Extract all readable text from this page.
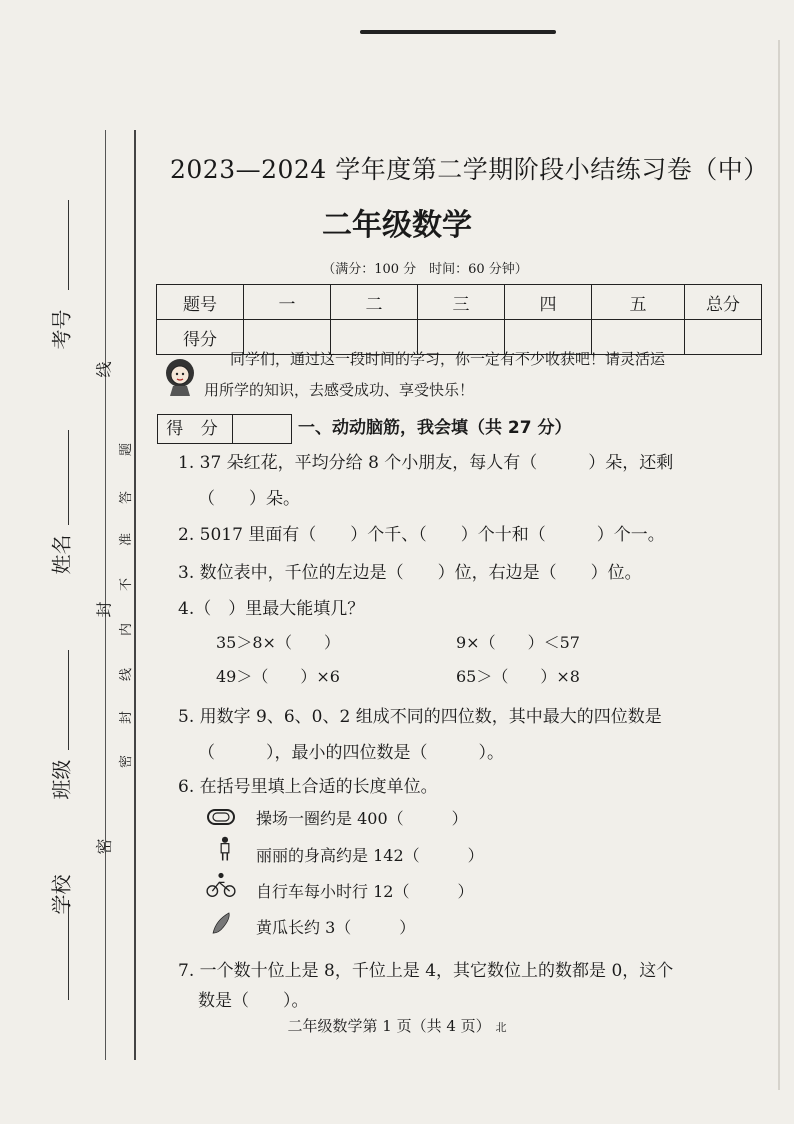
考号
姓名
班级
学校
线
封
密
题
答
准
不
内
线
封
密
2023—2024 学年度第二学期阶段小结练习卷（中）
二年级数学
（满分：100 分　时间：60 分钟）
题号	一	二	三	四	五	总分
得分						
同学们，通过这一段时间的学习，你一定有不少收获吧！请灵活运
用所学的知识，去感受成功、享受快乐！
得 分	一、动动脑筋，我会填（共 27 分）
1. 37 朵红花，平均分给 8 个小朋友，每人有（　　　）朵，还剩
（　　）朵。
2. 5017 里面有（　　）个千、（　　）个十和（　　　）个一。
3. 数位表中，千位的左边是（　　）位，右边是（　　）位。
4.（　）里最大能填几？
35＞8×（　　）	9×（　　）＜57
49＞（　　）×6	65＞（　　）×8
5. 用数字 9、6、0、2 组成不同的四位数，其中最大的四位数是
（　　　），最小的四位数是（　　　）。
6. 在括号里填上合适的长度单位。
操场一圈约是 400（　　　）
丽丽的身高约是 142（　　　）
自行车每小时行 12（　　　）
黄瓜长约 3（　　　）
7. 一个数十位上是 8，千位上是 4，其它数位上的数都是 0，这个
数是（　　）。
二年级数学第 1 页（共 4 页） 北
